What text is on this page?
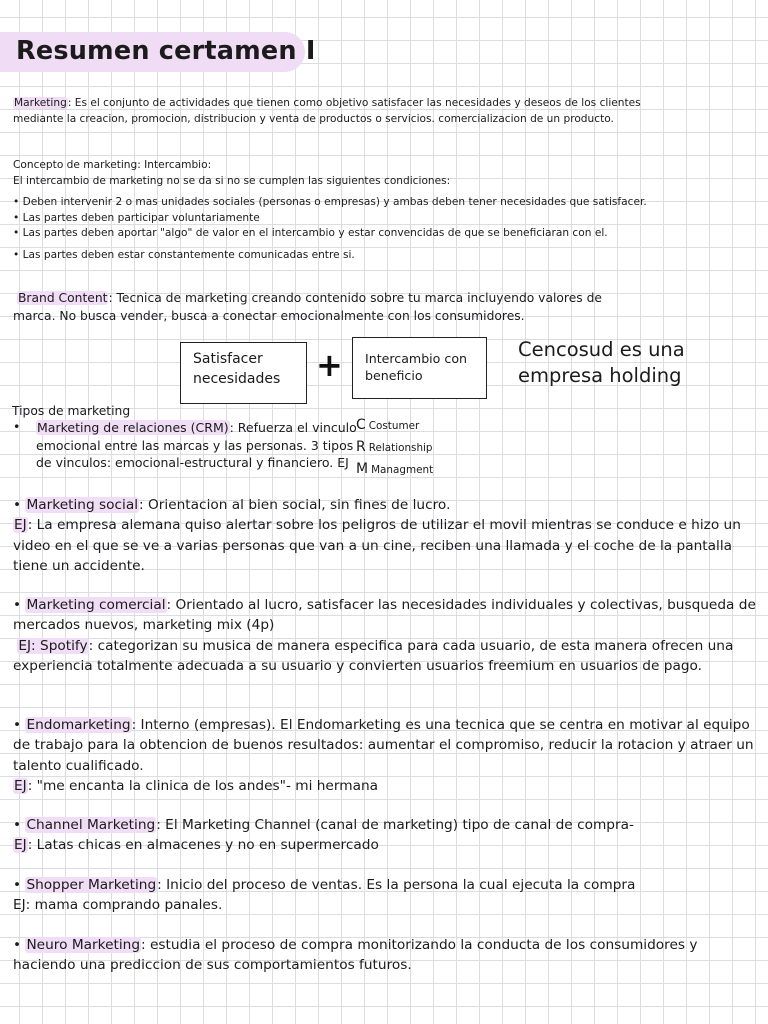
Resumen certamen I
Marketing: Es el conjunto de actividades que tienen como objetivo satisfacer las necesidades y deseos de los clientes mediante la creacion, promocion, distribucion y venta de productos o servicios. comercializacion de un producto.
Concepto de marketing: Intercambio:
El intercambio de marketing no se da si no se cumplen las siguientes condiciones:
• Deben intervenir 2 o mas unidades sociales (personas o empresas) y ambas deben tener necesidades que satisfacer.
• Las partes deben participar voluntariamente
• Las partes deben aportar "algo" de valor en el intercambio y estar convencidas de que se beneficiaran con el.
• Las partes deben estar constantemente comunicadas entre si.
Brand Content: Tecnica de marketing creando contenido sobre tu marca incluyendo valores de marca. No busca vender, busca a conectar emocionalmente con los consumidores.
Satisfacer necesidades	+	Intercambio con beneficio
Cencosud es una empresa holding
Tipos de marketing
• Marketing de relaciones (CRM): Refuerza el vinculo emocional entre las marcas y las personas. 3 tipos de vinculos: emocional-estructural y financiero. EJ
C Costumer
R Relationship
M Managment
• Marketing social: Orientacion al bien social, sin fines de lucro.
EJ: La empresa alemana quiso alertar sobre los peligros de utilizar el movil mientras se conduce e hizo un video en el que se ve a varias personas que van a un cine, reciben una llamada y el coche de la pantalla tiene un accidente.
• Marketing comercial: Orientado al lucro, satisfacer las necesidades individuales y colectivas, busqueda de mercados nuevos, marketing mix (4p)
EJ: Spotify: categorizan su musica de manera especifica para cada usuario, de esta manera ofrecen una experiencia totalmente adecuada a su usuario y convierten usuarios freemium en usuarios de pago.
• Endomarketing: Interno (empresas). El Endomarketing es una tecnica que se centra en motivar al equipo de trabajo para la obtencion de buenos resultados: aumentar el compromiso, reducir la rotacion y atraer un talento cualificado.
EJ: "me encanta la clinica de los andes"- mi hermana
• Channel Marketing: El Marketing Channel (canal de marketing) tipo de canal de compra-
EJ: Latas chicas en almacenes y no en supermercado
• Shopper Marketing: Inicio del proceso de ventas. Es la persona la cual ejecuta la compra
EJ: mama comprando panales.
• Neuro Marketing: estudia el proceso de compra monitorizando la conducta de los consumidores y haciendo una prediccion de sus comportamientos futuros.
